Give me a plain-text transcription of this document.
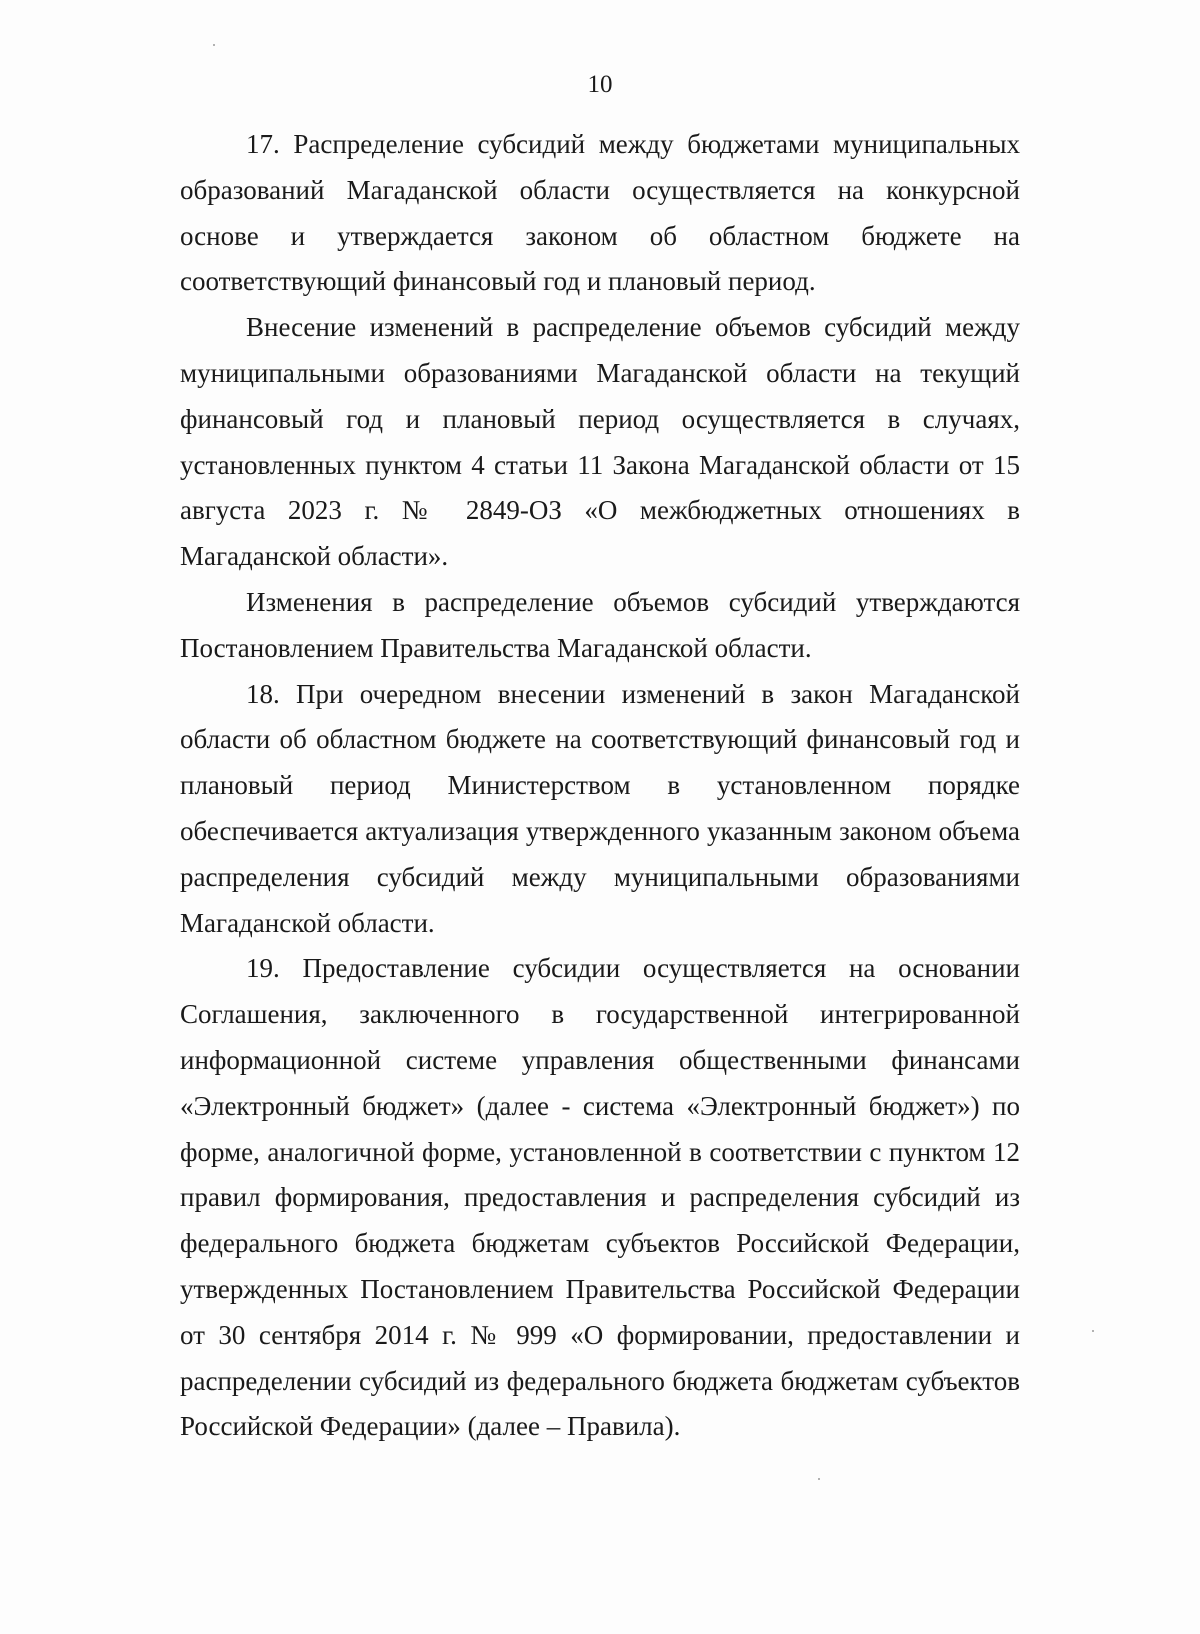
10

17. Распределение субсидий между бюджетами муниципальных образований Магаданской области осуществляется на конкурсной основе и утверждается законом об областном бюджете на соответствующий финансовый год и плановый период.

Внесение изменений в распределение объемов субсидий между муниципальными образованиями Магаданской области на текущий финансовый год и плановый период осуществляется в случаях, установленных пунктом 4 статьи 11 Закона Магаданской области от 15 августа 2023 г. № 2849-ОЗ «О межбюджетных отношениях в Магаданской области».

Изменения в распределение объемов субсидий утверждаются Постановлением Правительства Магаданской области.

18. При очередном внесении изменений в закон Магаданской области об областном бюджете на соответствующий финансовый год и плановый период Министерством в установленном порядке обеспечивается актуализация утвержденного указанным законом объема распределения субсидий между муниципальными образованиями Магаданской области.

19. Предоставление субсидии осуществляется на основании Соглашения, заключенного в государственной интегрированной информационной системе управления общественными финансами «Электронный бюджет» (далее - система «Электронный бюджет») по форме, аналогичной форме, установленной в соответствии с пунктом 12 правил формирования, предоставления и распределения субсидий из федерального бюджета бюджетам субъектов Российской Федерации, утвержденных Постановлением Правительства Российской Федерации от 30 сентября 2014 г. № 999 «О формировании, предоставлении и распределении субсидий из федерального бюджета бюджетам субъектов Российской Федерации» (далее – Правила).
